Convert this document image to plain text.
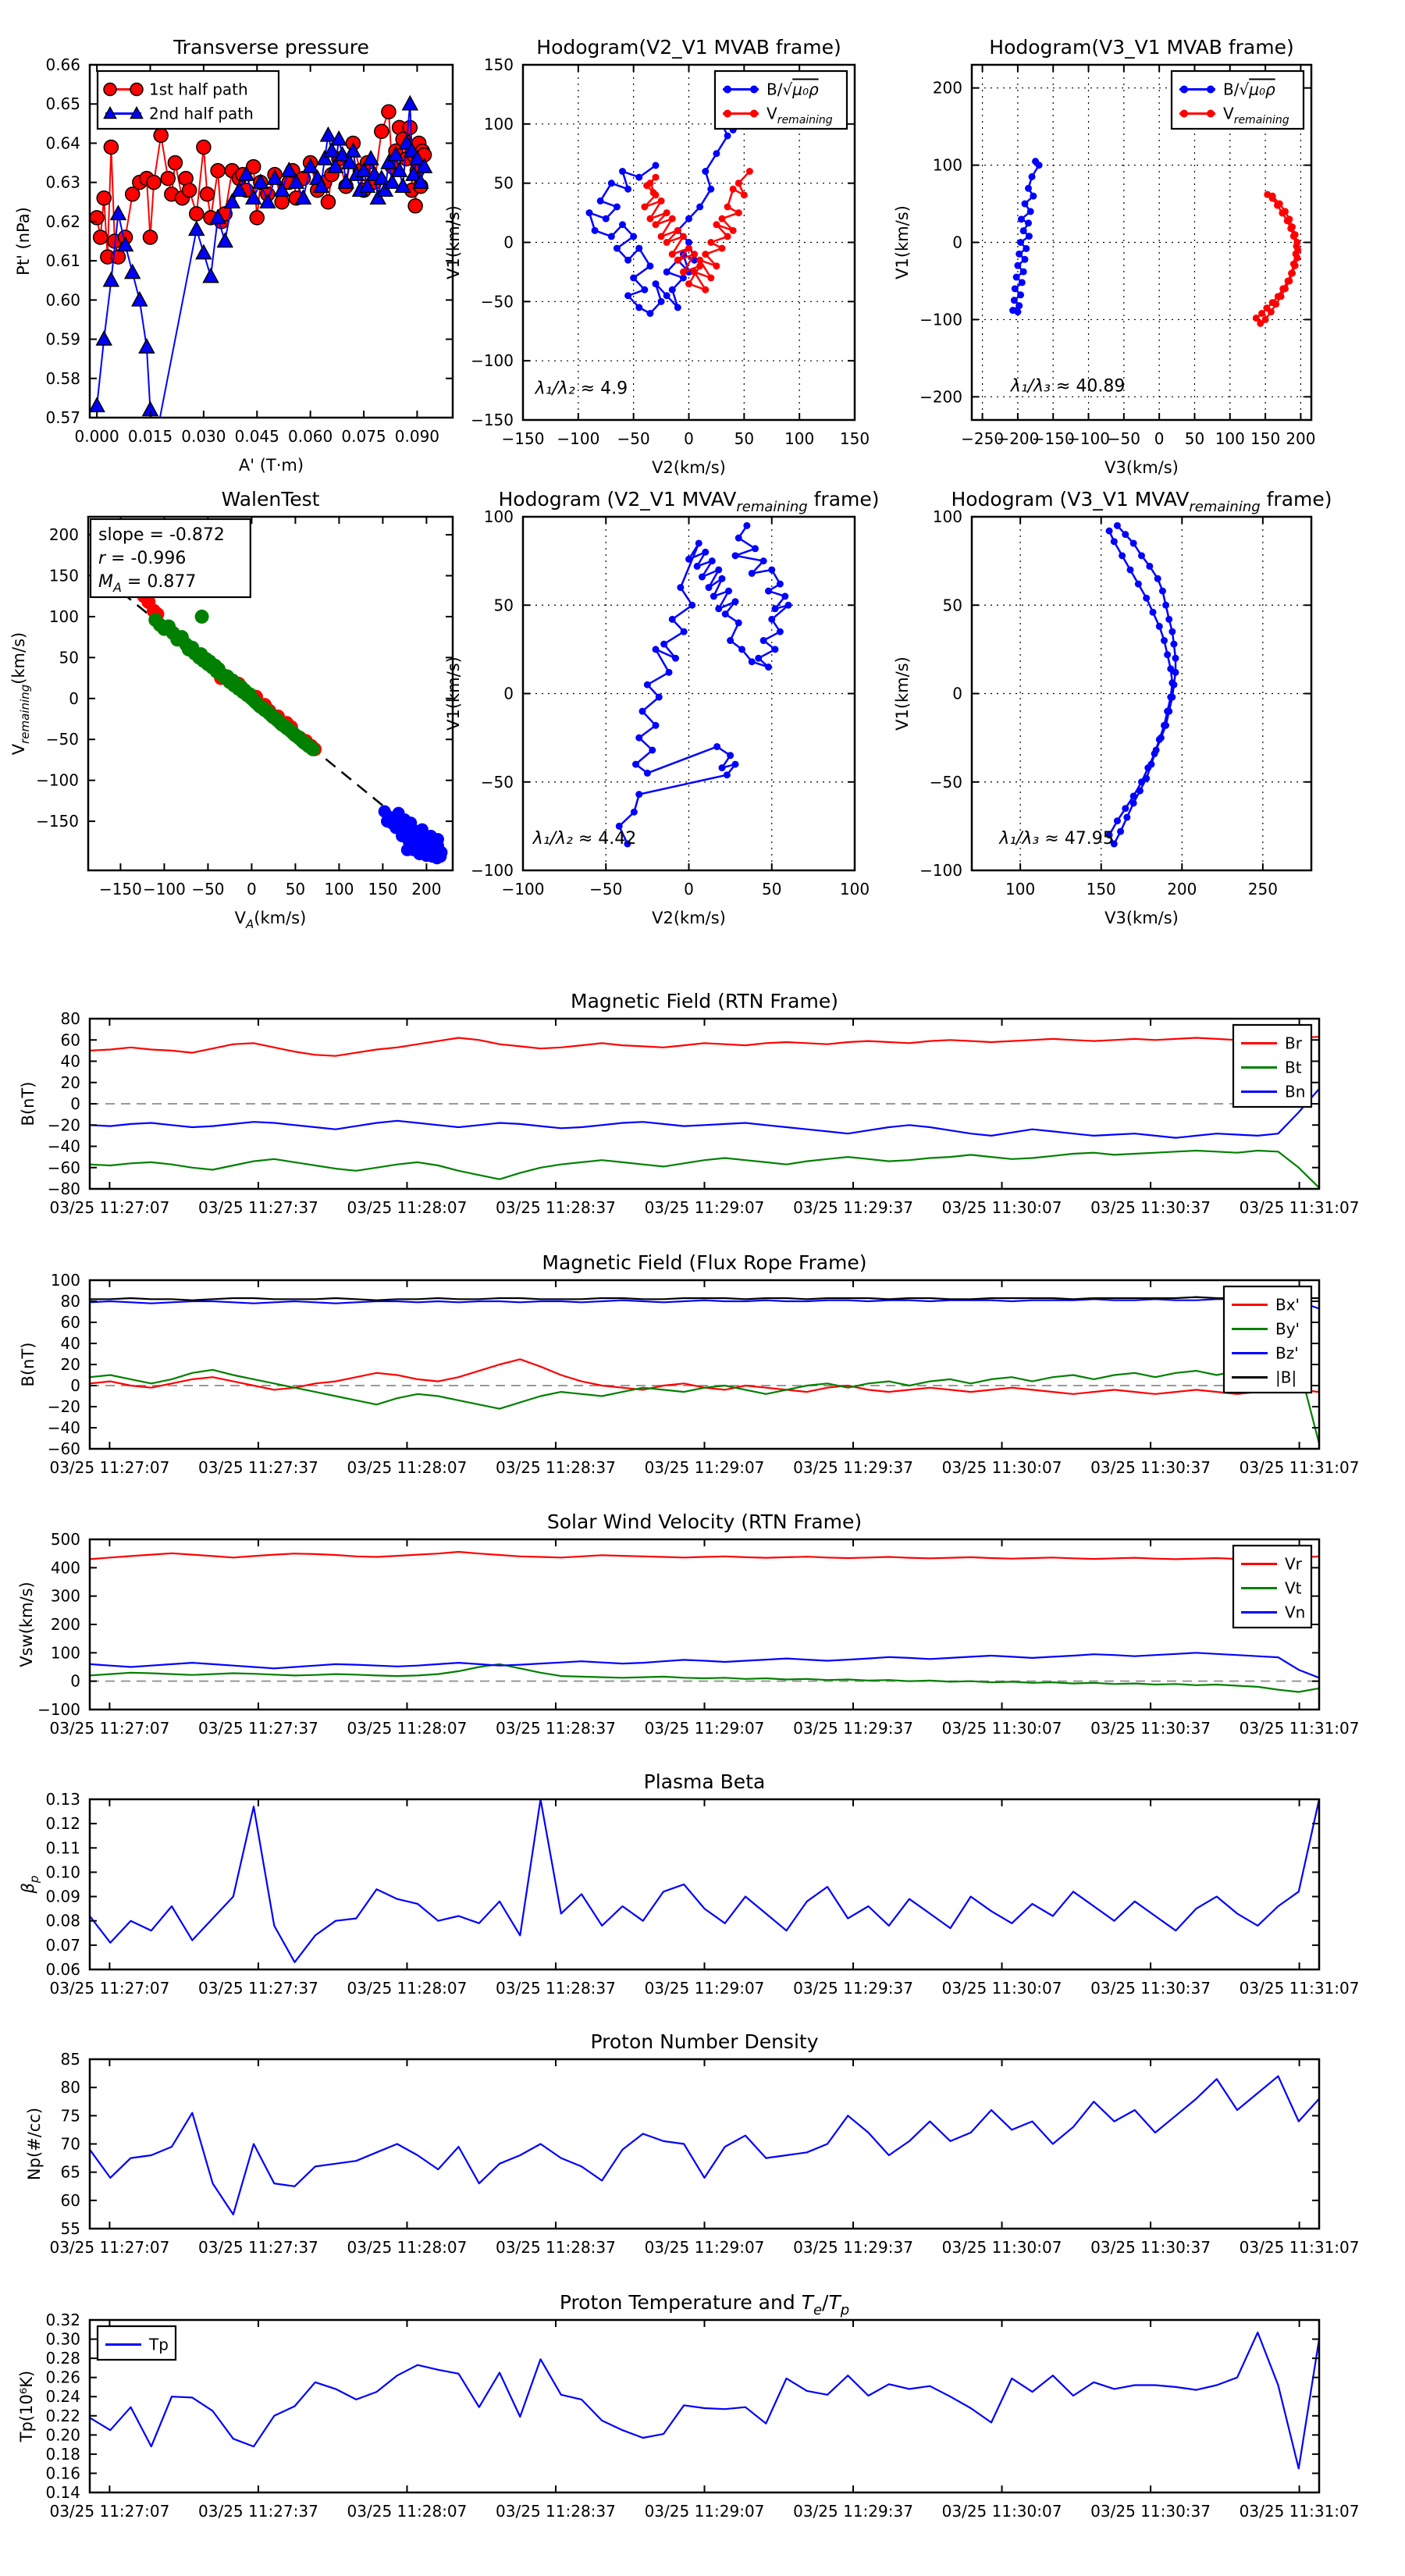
0.000 0.015 0.030 0.045 0.060 0.075 0.090
0.57
0.58
0.59
0.60
0.61
0.62
0.63
0.64
0.65
0.66
Transverse pressure
A' (T·m)
Pt' (nPa)
1st half path
2nd half path
−150 −100 −50 0	50 100 150
−150
−100
−50
0
50
100
150
Hodogram(V2_V1 MVAB frame)
V2(km/s)
V1(km/s)
B/√μ₀ρ
$V_{remaining}$
λ₁/λ₂ ≈ 4.9
−250
−200
−150
−100
−50 0 50 100 150 200
−200
−100
0
100
200
Hodogram(V3_V1 MVAB frame)
V3(km/s)
V1(km/s)
B/√μ₀ρ
$V_{remaining}$
λ₁/λ₃ ≈ 40.89
−150 −100 −50 0 50 100 150 200
−150
−100
−50
0
50
100
150
200
WalenTest
$V_A(km/s)$
$V_{remaining}(km/s)$
slope = -0.872
r = -0.996
$M_A = 0.877$
−100	−50	0	50	100
−100
−50
0
50
100
Hodogram (V2_V1 $MVAV_{remaining}$ frame)
V2(km/s)
V1(km/s)
λ₁/λ₂ ≈ 4.42
100	150	200	250
−100
−50
0
50
100
Hodogram (V3_V1 $MVAV_{remaining}$ frame)
V3(km/s)
V1(km/s)
λ₁/λ₃ ≈ 47.95
03/25 11:27:07 03/25 11:27:37 03/25 11:28:07 03/25 11:28:37 03/25 11:29:07 03/25 11:29:37 03/25 11:30:07 03/25 11:30:37 03/25 11:31:07
−80
−60
−40
−20
0
20
40
60
80
Magnetic Field (RTN Frame)
B(nT)
Br
Bt
Bn
03/25 11:27:07 03/25 11:27:37 03/25 11:28:07 03/25 11:28:37 03/25 11:29:07 03/25 11:29:37 03/25 11:30:07 03/25 11:30:37 03/25 11:31:07
−60
−40
−20
0
20
40
60
80
100
Magnetic Field (Flux Rope Frame)
B(nT)
Bx'
By'
Bz'
|B|
03/25 11:27:07 03/25 11:27:37 03/25 11:28:07 03/25 11:28:37 03/25 11:29:07 03/25 11:29:37 03/25 11:30:07 03/25 11:30:37 03/25 11:31:07
−100
0
100
200
300
400
500
Solar Wind Velocity (RTN Frame)
Vsw(km/s)
Vr
Vt
Vn
03/25 11:27:07 03/25 11:27:37 03/25 11:28:07 03/25 11:28:37 03/25 11:29:07 03/25 11:29:37 03/25 11:30:07 03/25 11:30:37 03/25 11:31:07
0.06
0.07
0.08
0.09
0.10
0.11
0.12
0.13
Plasma Beta
$\beta_p$
03/25 11:27:07 03/25 11:27:37 03/25 11:28:07 03/25 11:28:37 03/25 11:29:07 03/25 11:29:37 03/25 11:30:07 03/25 11:30:37 03/25 11:31:07
55
60
65
70
75
80
85
Proton Number Density
Np(#/cc)
03/25 11:27:07 03/25 11:27:37 03/25 11:28:07 03/25 11:28:37 03/25 11:29:07 03/25 11:29:37 03/25 11:30:07 03/25 11:30:37 03/25 11:31:07
0.14
0.16
0.18
0.20
0.22
0.24
0.26
0.28
0.30
0.32
Proton Temperature and $T_e/T_p$
Tp(10⁶K)
Tp
